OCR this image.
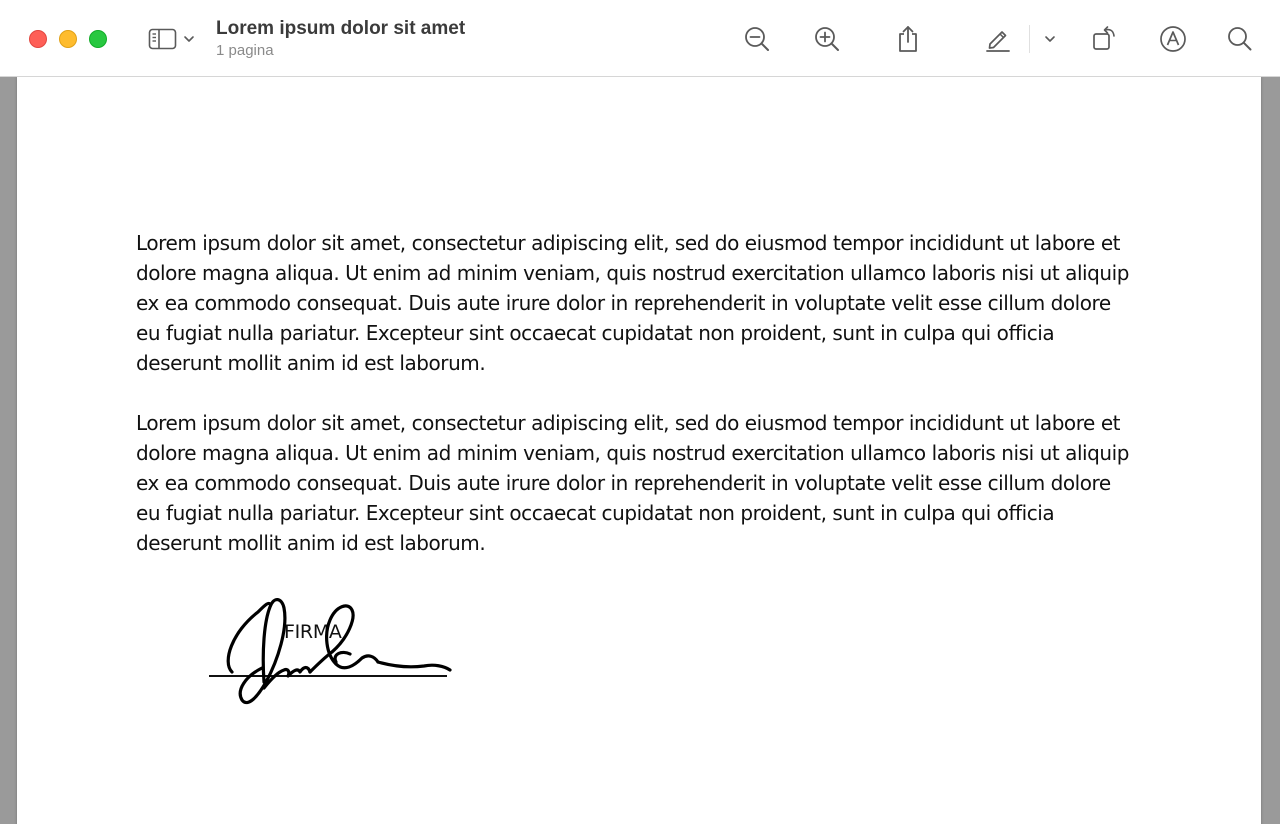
Lorem ipsum dolor sit amet
1 pagina

Lorem ipsum dolor sit amet, consectetur adipiscing elit, sed do eiusmod tempor incididunt ut labore et dolore magna aliqua. Ut enim ad minim veniam, quis nostrud exercitation ullamco laboris nisi ut aliquip ex ea commodo consequat. Duis aute irure dolor in reprehenderit in voluptate velit esse cillum dolore eu fugiat nulla pariatur. Excepteur sint occaecat cupidatat non proident, sunt in culpa qui officia deserunt mollit anim id est laborum.

Lorem ipsum dolor sit amet, consectetur adipiscing elit, sed do eiusmod tempor incididunt ut labore et dolore magna aliqua. Ut enim ad minim veniam, quis nostrud exercitation ullamco laboris nisi ut aliquip ex ea commodo consequat. Duis aute irure dolor in reprehenderit in voluptate velit esse cillum dolore eu fugiat nulla pariatur. Excepteur sint occaecat cupidatat non proident, sunt in culpa qui officia deserunt mollit anim id est laborum.

FIRMA
